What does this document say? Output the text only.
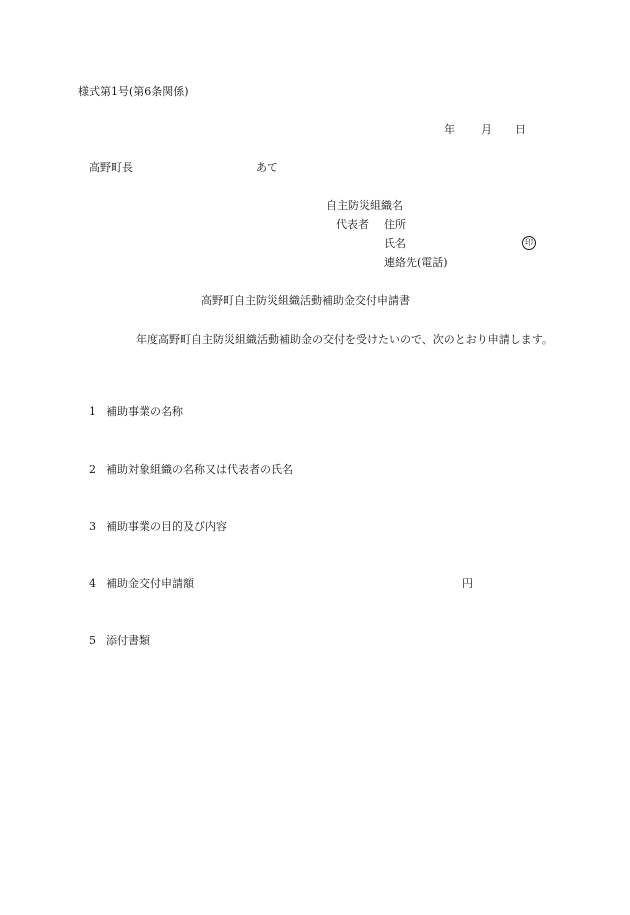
様式第1号(第6条関係)
年 月 日
高野町長	あて
自主防災組織名
代表者 住所
氏名	印
連絡先(電話)
高野町自主防災組織活動補助金交付申請書
年度高野町自主防災組織活動補助金の交付を受けたいので、次のとおり申請します。
1 補助事業の名称
2 補助対象組織の名称又は代表者の氏名
3 補助事業の目的及び内容
4 補助金交付申請額	円
5 添付書類
